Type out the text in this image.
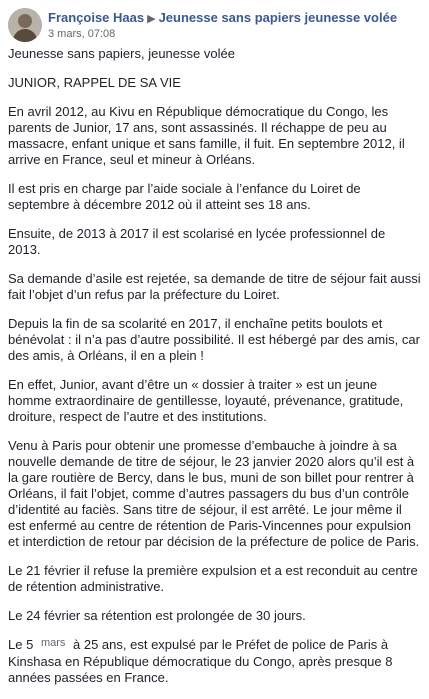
Françoise Haas ▶ Jeunesse sans papiers jeunesse volée
3 mars, 07:08

Jeunesse sans papiers, jeunesse volée

JUNIOR, RAPPEL DE SA VIE

En avril 2012, au Kivu en République démocratique du Congo, les parents de Junior, 17 ans, sont assassinés. Il réchappe de peu au massacre, enfant unique et sans famille, il fuit. En septembre 2012, il arrive en France, seul et mineur à Orléans.

Il est pris en charge par l’aide sociale à l’enfance du Loiret de septembre à décembre 2012 où il atteint ses 18 ans.

Ensuite, de 2013 à 2017 il est scolarisé en lycée professionnel de 2013.

Sa demande d’asile est rejetée, sa demande de titre de séjour fait aussi fait l’objet d’un refus par la préfecture du Loiret.

Depuis la fin de sa scolarité en 2017, il enchaîne petits boulots et bénévolat : il n’a pas d’autre possibilité. Il est hébergé par des amis, car des amis, à Orléans, il en a plein !

En effet, Junior, avant d’être un « dossier à traiter » est un jeune homme extraordinaire de gentillesse, loyauté, prévenance, gratitude, droiture, respect de l’autre et des institutions.

Venu à Paris pour obtenir une promesse d’embauche à joindre à sa nouvelle demande de titre de séjour, le 23 janvier 2020 alors qu’il est à la gare routière de Bercy, dans le bus, muni de son billet pour rentrer à Orléans, il fait l’objet, comme d’autres passagers du bus d’un contrôle d’identité au faciès. Sans titre de séjour, il est arrêté. Le jour même il est enfermé au centre de rétention de Paris-Vincennes pour expulsion et interdiction de retour par décision de la préfecture de police de Paris.

Le 21 février il refuse la première expulsion et a est reconduit au centre de rétention administrative.

Le 24 février sa rétention est prolongée de 30 jours.

Le 5 $^{mars}$ à 25 ans, est expulsé par le Préfet de police de Paris à Kinshasa en République démocratique du Congo, après presque 8 années passées en France.
